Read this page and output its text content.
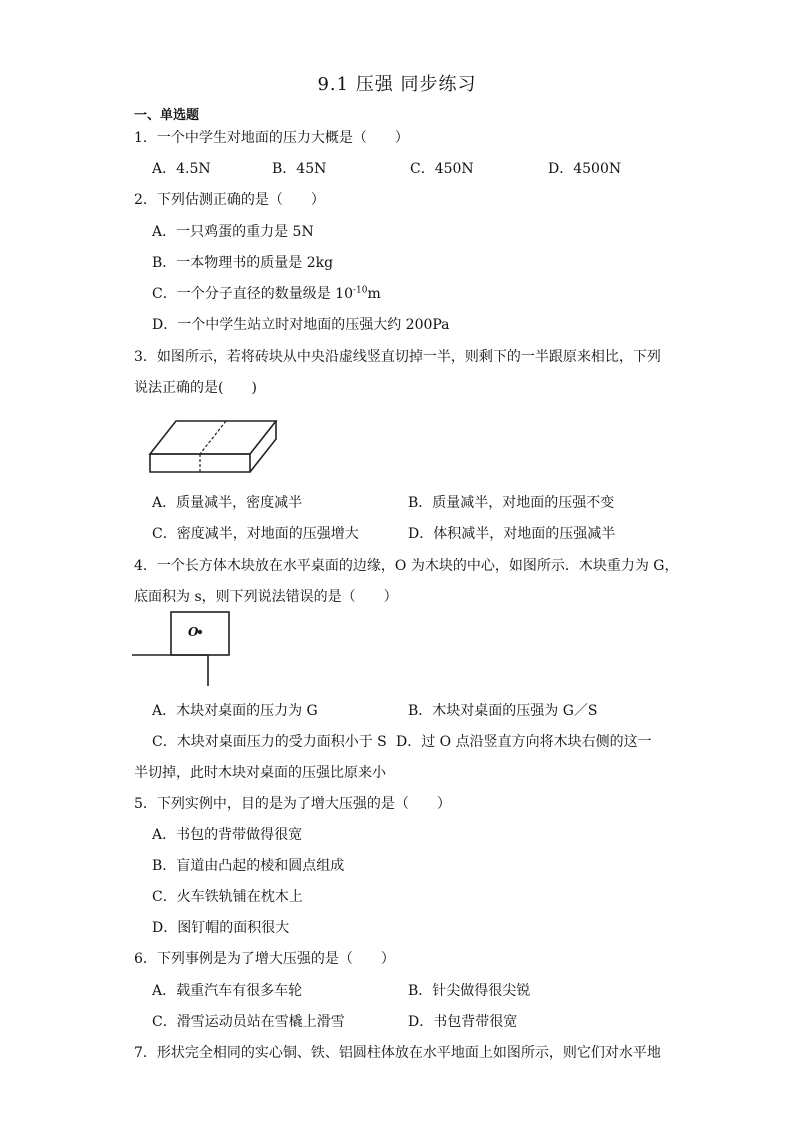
9.1 压强 同步练习
一、单选题
1．一个中学生对地面的压力大概是（　　）
A．4.5N	B．45N	C．450N	D．4500N
2．下列估测正确的是（　　）
A．一只鸡蛋的重力是 5N
B．一本物理书的质量是 2kg
C．一个分子直径的数量级是 $10^{-10}m$
D．一个中学生站立时对地面的压强大约 200Pa
3．如图所示，若将砖块从中央沿虚线竖直切掉一半，则剩下的一半跟原来相比，下列
说法正确的是(　　)
A．质量减半，密度减半	B．质量减半，对地面的压强不变
C．密度减半，对地面的压强增大	D．体积减半，对地面的压强减半
4．一个长方体木块放在水平桌面的边缘，O 为木块的中心，如图所示．木块重力为 G，
底面积为 s，则下列说法错误的是（　　）
O
A．木块对桌面的压力为 G	B．木块对桌面的压强为 G／S
C．木块对桌面压力的受力面积小于 S D．过 O 点沿竖直方向将木块右侧的这一
半切掉，此时木块对桌面的压强比原来小
5．下列实例中，目的是为了增大压强的是（　　）
A．书包的背带做得很宽
B．盲道由凸起的棱和圆点组成
C．火车铁轨铺在枕木上
D．图钉帽的面积很大
6．下列事例是为了增大压强的是（　　）
A．载重汽车有很多车轮	B．针尖做得很尖锐
C．滑雪运动员站在雪橇上滑雪	D．书包背带很宽
7．形状完全相同的实心铜、铁、铝圆柱体放在水平地面上如图所示，则它们对水平地
